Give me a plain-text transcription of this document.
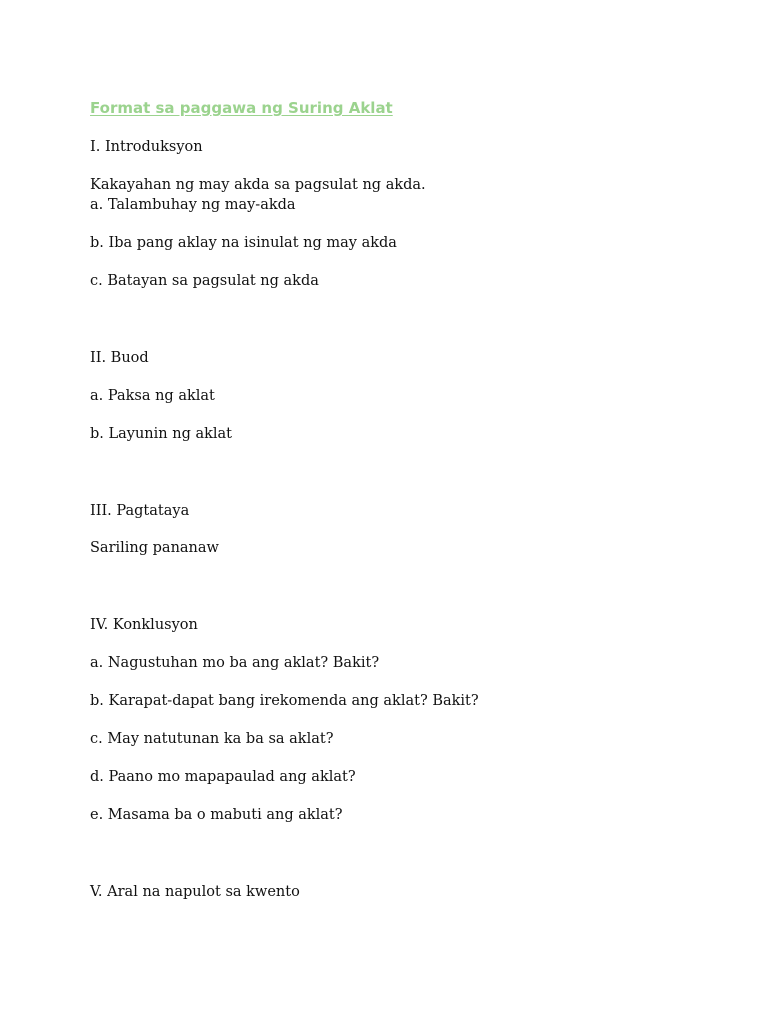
Format sa paggawa ng Suring Aklat
I. Introduksyon
Kakayahan ng may akda sa pagsulat ng akda.
a. Talambuhay ng may-akda
b. Iba pang aklay na isinulat ng may akda
c. Batayan sa pagsulat ng akda
II. Buod
a. Paksa ng aklat
b. Layunin ng aklat
III. Pagtataya
Sariling pananaw
IV. Konklusyon
a. Nagustuhan mo ba ang aklat? Bakit?
b. Karapat-dapat bang irekomenda ang aklat? Bakit?
c. May natutunan ka ba sa aklat?
d. Paano mo mapapaulad ang aklat?
e. Masama ba o mabuti ang aklat?
V. Aral na napulot sa kwento
